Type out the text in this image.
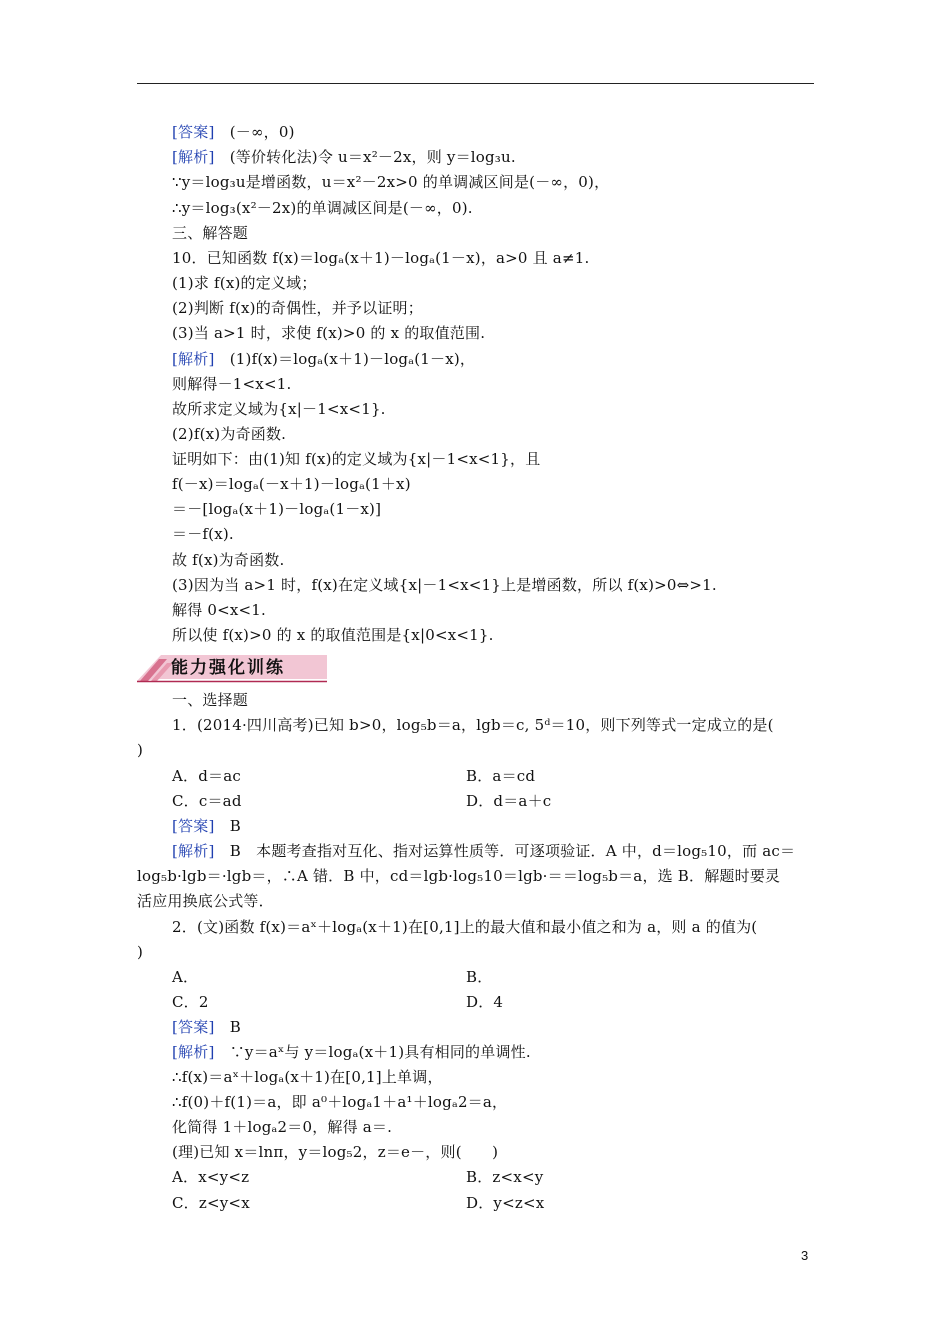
[答案]　(－∞，0)
[解析]　(等价转化法)令 u＝x²－2x，则 y＝log₃u.
∵y＝log₃u是增函数，u＝x²－2x>0 的单调减区间是(－∞，0)，
∴y＝log₃(x²－2x)的单调减区间是(－∞，0).
三、解答题
10．已知函数 f(x)＝logₐ(x＋1)－logₐ(1－x)，a>0 且 a≠1.
(1)求 f(x)的定义域；
(2)判断 f(x)的奇偶性，并予以证明；
(3)当 a>1 时，求使 f(x)>0 的 x 的取值范围.
[解析]　(1)f(x)＝logₐ(x＋1)－logₐ(1－x)，
则解得－1<x<1.
故所求定义域为{x|－1<x<1}.
(2)f(x)为奇函数.
证明如下：由(1)知 f(x)的定义域为{x|－1<x<1}，且
f(－x)＝logₐ(－x＋1)－logₐ(1＋x)
＝－[logₐ(x＋1)－logₐ(1－x)]
＝－f(x).
故 f(x)为奇函数.
(3)因为当 a>1 时，f(x)在定义域{x|－1<x<1}上是增函数，所以 f(x)>0⇔>1.
解得 0<x<1.
所以使 f(x)>0 的 x 的取值范围是{x|0<x<1}.
能力强化训练
一、选择题
1．(2014·四川高考)已知 b>0，log₅b＝a，lgb＝c, 5ᵈ＝10，则下列等式一定成立的是(
)
A．d＝ac	B．a＝cd
C．c＝ad	D．d＝a＋c
[答案]　B
[解析]　B　本题考查指对互化、指对运算性质等．可逐项验证．A 中，d＝log₅10，而 ac＝
log₅b·lgb＝·lgb＝，∴A 错．B 中，cd＝lgb·log₅10＝lgb·＝＝log₅b＝a，选 B．解题时要灵
活应用换底公式等．
2．(文)函数 f(x)＝aˣ＋logₐ(x＋1)在[0,1]上的最大值和最小值之和为 a，则 a 的值为(
)
A．	B．
C．2	D．4
[答案]　B
[解析]　∵y＝aˣ与 y＝logₐ(x＋1)具有相同的单调性.
∴f(x)＝aˣ＋logₐ(x＋1)在[0,1]上单调，
∴f(0)＋f(1)＝a，即 a⁰＋logₐ1＋a¹＋logₐ2＝a，
化简得 1＋logₐ2＝0，解得 a＝.
(理)已知 x＝lnπ，y＝log₅2，z＝e－，则(　　)
A．x<y<z	B．z<x<y
C．z<y<x	D．y<z<x
3
